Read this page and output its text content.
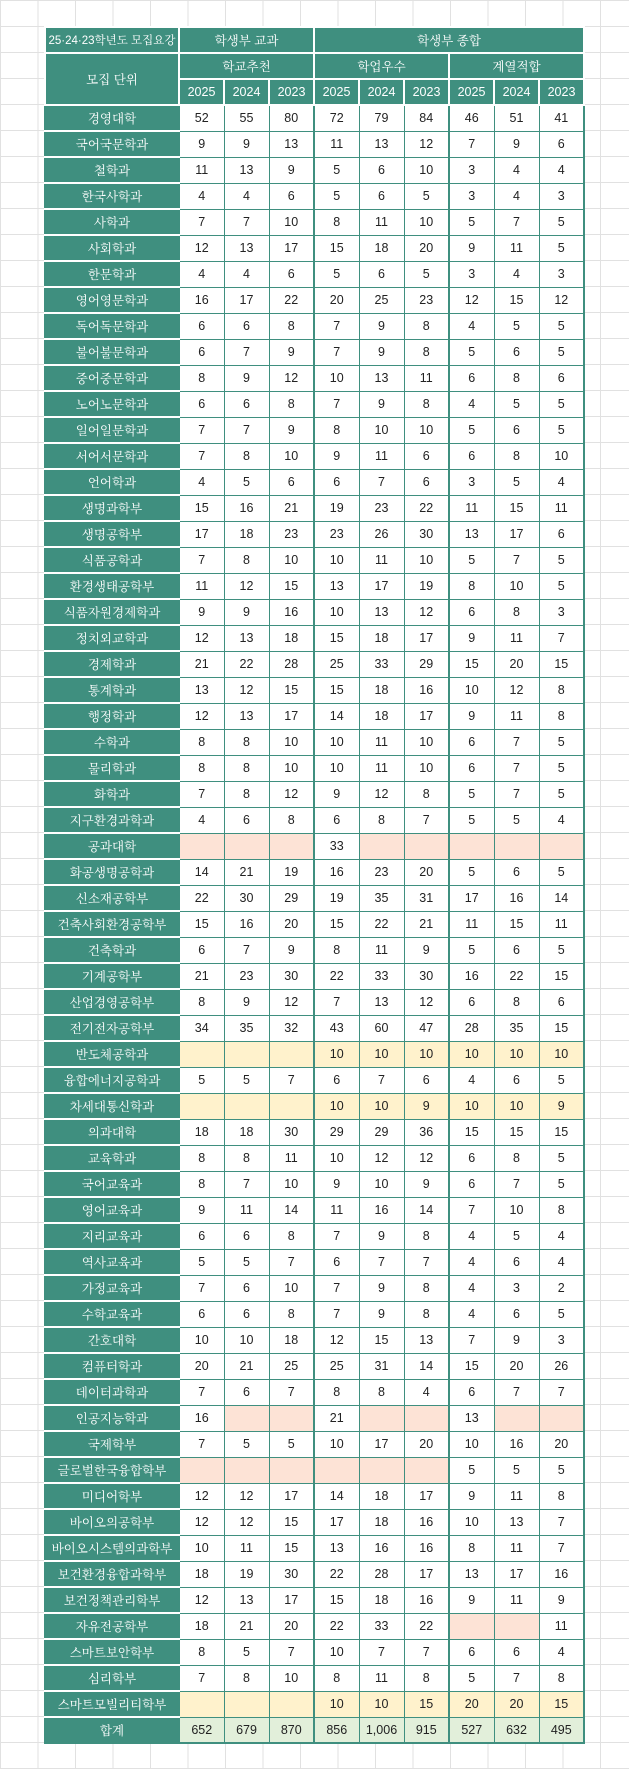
25·24·23학년도 모집요강	학생부 교과			학생부 종합					
모집 단위	학교추천			학업우수			계열적합		
	2025	2024	2023	2025	2024	2023	2025	2024	2023
경영대학	52	55	80	72	79	84	46	51	41
국어국문학과	9	9	13	11	13	12	7	9	6
철학과	11	13	9	5	6	10	3	4	4
한국사학과	4	4	6	5	6	5	3	4	3
사학과	7	7	10	8	11	10	5	7	5
사회학과	12	13	17	15	18	20	9	11	5
한문학과	4	4	6	5	6	5	3	4	3
영어영문학과	16	17	22	20	25	23	12	15	12
독어독문학과	6	6	8	7	9	8	4	5	5
불어불문학과	6	7	9	7	9	8	5	6	5
중어중문학과	8	9	12	10	13	11	6	8	6
노어노문학과	6	6	8	7	9	8	4	5	5
일어일문학과	7	7	9	8	10	10	5	6	5
서어서문학과	7	8	10	9	11	6	6	8	10
언어학과	4	5	6	6	7	6	3	5	4
생명과학부	15	16	21	19	23	22	11	15	11
생명공학부	17	18	23	23	26	30	13	17	6
식품공학과	7	8	10	10	11	10	5	7	5
환경생태공학부	11	12	15	13	17	19	8	10	5
식품자원경제학과	9	9	16	10	13	12	6	8	3
정치외교학과	12	13	18	15	18	17	9	11	7
경제학과	21	22	28	25	33	29	15	20	15
통계학과	13	12	15	15	18	16	10	12	8
행정학과	12	13	17	14	18	17	9	11	8
수학과	8	8	10	10	11	10	6	7	5
물리학과	8	8	10	10	11	10	6	7	5
화학과	7	8	12	9	12	8	5	7	5
지구환경과학과	4	6	8	6	8	7	5	5	4
공과대학				33					
화공생명공학과	14	21	19	16	23	20	5	6	5
신소재공학부	22	30	29	19	35	31	17	16	14
건축사회환경공학부	15	16	20	15	22	21	11	15	11
건축학과	6	7	9	8	11	9	5	6	5
기계공학부	21	23	30	22	33	30	16	22	15
산업경영공학부	8	9	12	7	13	12	6	8	6
전기전자공학부	34	35	32	43	60	47	28	35	15
반도체공학과				10	10	10	10	10	10
융합에너지공학과	5	5	7	6	7	6	4	6	5
차세대통신학과				10	10	9	10	10	9
의과대학	18	18	30	29	29	36	15	15	15
교육학과	8	8	11	10	12	12	6	8	5
국어교육과	8	7	10	9	10	9	6	7	5
영어교육과	9	11	14	11	16	14	7	10	8
지리교육과	6	6	8	7	9	8	4	5	4
역사교육과	5	5	7	6	7	7	4	6	4
가정교육과	7	6	10	7	9	8	4	3	2
수학교육과	6	6	8	7	9	8	4	6	5
간호대학	10	10	18	12	15	13	7	9	3
컴퓨터학과	20	21	25	25	31	14	15	20	26
데이터과학과	7	6	7	8	8	4	6	7	7
인공지능학과	16			21			13		
국제학부	7	5	5	10	17	20	10	16	20
글로벌한국융합학부							5	5	5
미디어학부	12	12	17	14	18	17	9	11	8
바이오의공학부	12	12	15	17	18	16	10	13	7
바이오시스템의과학부	10	11	15	13	16	16	8	11	7
보건환경융합과학부	18	19	30	22	28	17	13	17	16
보건정책관리학부	12	13	17	15	18	16	9	11	9
자유전공학부	18	21	20	22	33	22			11
스마트보안학부	8	5	7	10	7	7	6	6	4
심리학부	7	8	10	8	11	8	5	7	8
스마트모빌리티학부				10	10	15	20	20	15
합계	652	679	870	856	1,006	915	527	632	495
